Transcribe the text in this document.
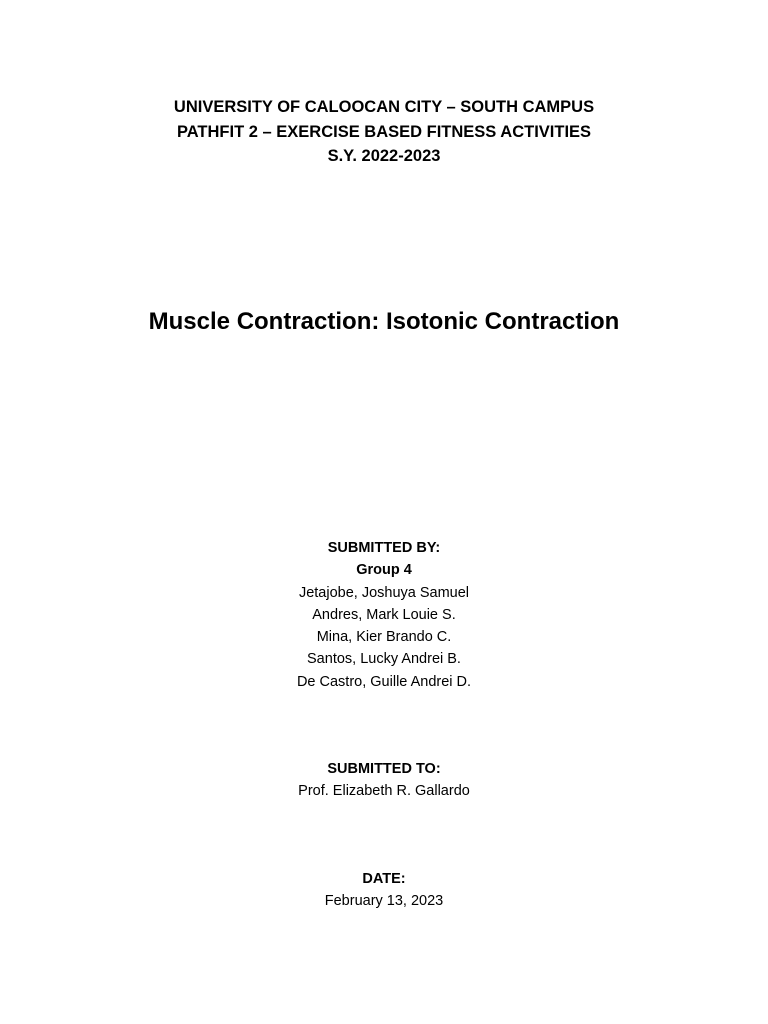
UNIVERSITY OF CALOOCAN CITY – SOUTH CAMPUS
PATHFIT 2 – EXERCISE BASED FITNESS ACTIVITIES
S.Y. 2022-2023
Muscle Contraction: Isotonic Contraction
SUBMITTED BY:
Group 4
Jetajobe, Joshuya Samuel
Andres, Mark Louie S.
Mina, Kier Brando C.
Santos, Lucky Andrei B.
De Castro, Guille Andrei D.
SUBMITTED TO:
Prof. Elizabeth R. Gallardo
DATE:
February 13, 2023
